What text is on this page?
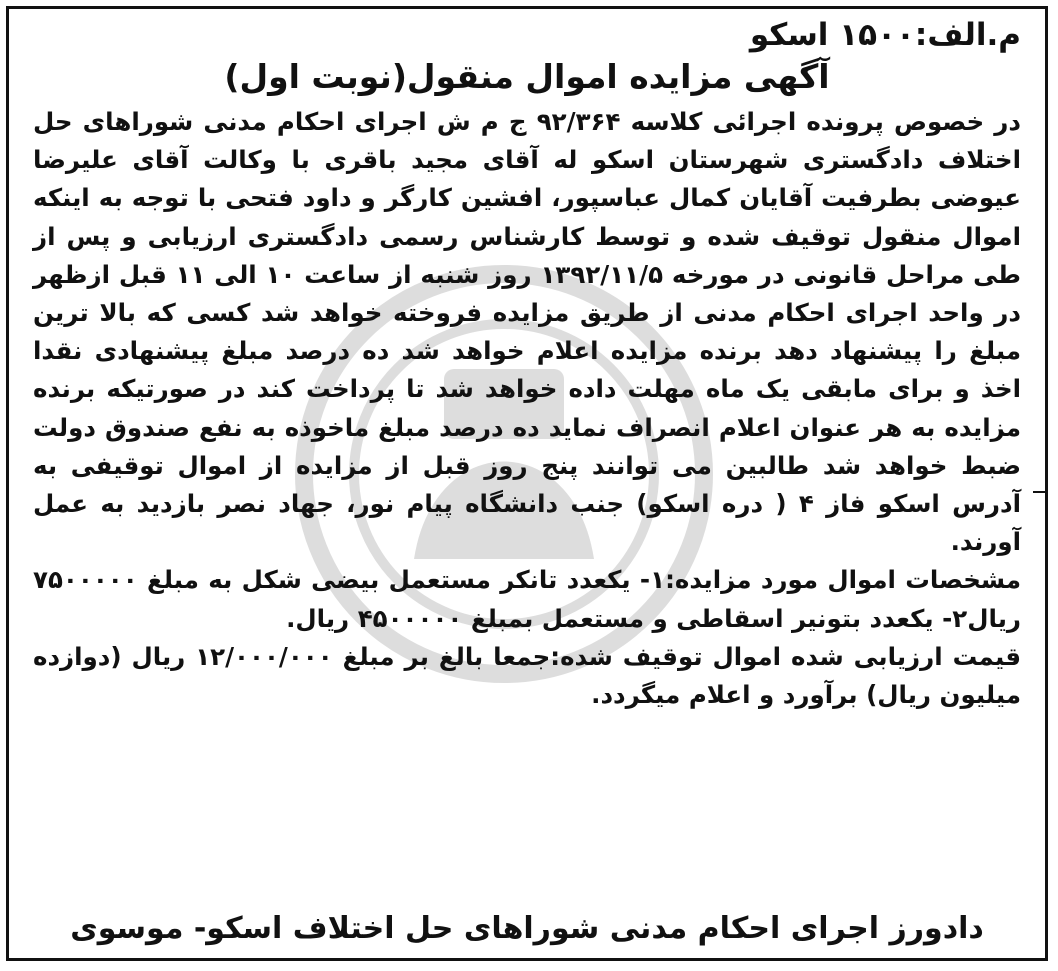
م.الف:۱۵۰۰ اسکو
آگهی مزایده اموال منقول(نوبت اول)

در خصوص پرونده اجرائی کلاسه ۹۲/۳۶۴ ج م ش اجرای احکام مدنی شوراهای حل اختلاف دادگستری شهرستان اسکو له آقای مجید باقری با وکالت آقای علیرضا عیوضی بطرفیت آقایان کمال عباسپور، افشین کارگر و داود فتحی با توجه به اینکه اموال منقول توقیف شده و توسط کارشناس رسمی دادگستری ارزیابی و پس از طی مراحل قانونی در مورخه ۱۳۹۲/۱۱/۵ روز شنبه از ساعت ۱۰ الی ۱۱ قبل ازظهر در واحد اجرای احکام مدنی از طریق مزایده فروخته خواهد شد کسی که بالا ترین مبلغ را پیشنهاد دهد برنده مزایده اعلام خواهد شد ده درصد مبلغ پیشنهادی نقدا اخذ و برای مابقی یک ماه مهلت داده خواهد شد تا پرداخت کند در صورتیکه برنده مزایده به هر عنوان اعلام انصراف نماید ده درصد مبلغ ماخوذه به نفع صندوق دولت ضبط خواهد شد طالبین می توانند پنج روز قبل از مزایده از اموال توقیفی به آدرس اسکو فاز ۴ ( دره اسکو) جنب دانشگاه پیام نور، جهاد نصر بازدید به عمل آورند.

مشخصات اموال مورد مزایده:۱- یکعدد تانکر مستعمل بیضی شکل به مبلغ ۷۵۰۰۰۰۰ ریال۲- یکعدد بتونیر اسقاطی و مستعمل بمبلغ ۴۵۰۰۰۰۰ ریال.

قیمت ارزیابی شده اموال توقیف شده:جمعا بالغ بر مبلغ ۱۲/۰۰۰/۰۰۰ ریال (دوازده میلیون ریال) برآورد و اعلام میگردد.

دادورز اجرای احکام مدنی شوراهای حل اختلاف اسکو- موسوی
